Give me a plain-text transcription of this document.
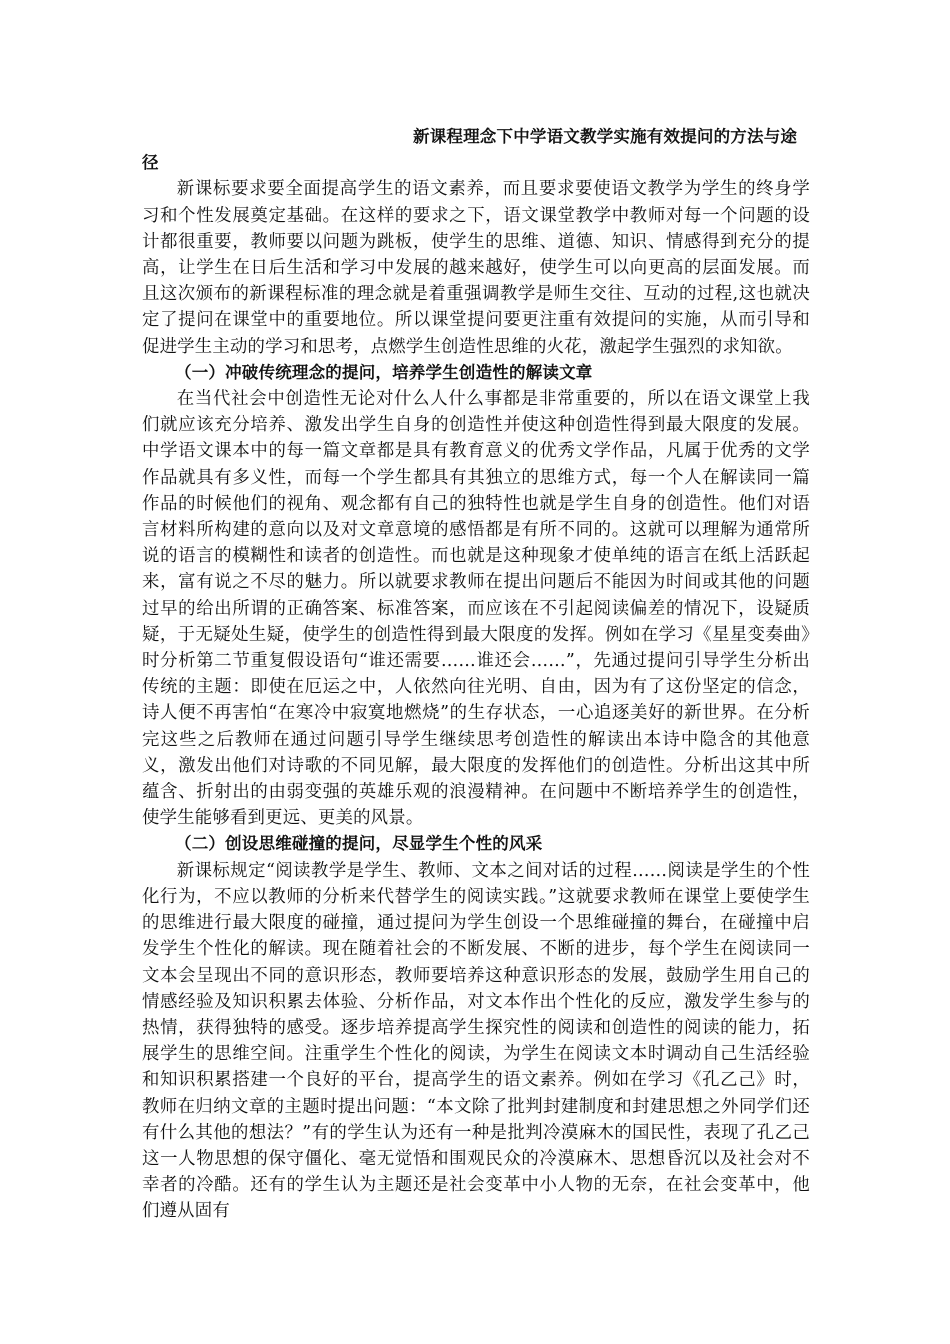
新课程理念下中学语文教学实施有效提问的方法与途径

新课标要求要全面提高学生的语文素养，而且要求要使语文教学为学生的终身学习和个性发展奠定基础。在这样的要求之下，语文课堂教学中教师对每一个问题的设计都很重要，教师要以问题为跳板，使学生的思维、道德、知识、情感得到充分的提高，让学生在日后生活和学习中发展的越来越好，使学生可以向更高的层面发展。而且这次颁布的新课程标准的理念就是着重强调教学是师生交往、互动的过程,这也就决定了提问在课堂中的重要地位。所以课堂提问要更注重有效提问的实施，从而引导和促进学生主动的学习和思考，点燃学生创造性思维的火花，激起学生强烈的求知欲。

（一）冲破传统理念的提问，培养学生创造性的解读文章

在当代社会中创造性无论对什么人什么事都是非常重要的，所以在语文课堂上我们就应该充分培养、激发出学生自身的创造性并使这种创造性得到最大限度的发展。中学语文课本中的每一篇文章都是具有教育意义的优秀文学作品，凡属于优秀的文学作品就具有多义性，而每一个学生都具有其独立的思维方式，每一个人在解读同一篇作品的时候他们的视角、观念都有自己的独特性也就是学生自身的创造性。他们对语言材料所构建的意向以及对文章意境的感悟都是有所不同的。这就可以理解为通常所说的语言的模糊性和读者的创造性。而也就是这种现象才使单纯的语言在纸上活跃起来，富有说之不尽的魅力。所以就要求教师在提出问题后不能因为时间或其他的问题过早的给出所谓的正确答案、标准答案，而应该在不引起阅读偏差的情况下，设疑质疑，于无疑处生疑，使学生的创造性得到最大限度的发挥。例如在学习《星星变奏曲》时分析第二节重复假设语句“谁还需要……谁还会……”，先通过提问引导学生分析出传统的主题：即使在厄运之中，人依然向往光明、自由，因为有了这份坚定的信念，诗人便不再害怕“在寒冷中寂寞地燃烧”的生存状态，一心追逐美好的新世界。在分析完这些之后教师在通过问题引导学生继续思考创造性的解读出本诗中隐含的其他意义，激发出他们对诗歌的不同见解，最大限度的发挥他们的创造性。分析出这其中所蕴含、折射出的由弱变强的英雄乐观的浪漫精神。在问题中不断培养学生的创造性，使学生能够看到更远、更美的风景。

（二）创设思维碰撞的提问，尽显学生个性的风采

新课标规定“阅读教学是学生、教师、文本之间对话的过程……阅读是学生的个性化行为，不应以教师的分析来代替学生的阅读实践。”这就要求教师在课堂上要使学生的思维进行最大限度的碰撞，通过提问为学生创设一个思维碰撞的舞台，在碰撞中启发学生个性化的解读。现在随着社会的不断发展、不断的进步，每个学生在阅读同一文本会呈现出不同的意识形态，教师要培养这种意识形态的发展，鼓励学生用自己的情感经验及知识积累去体验、分析作品，对文本作出个性化的反应，激发学生参与的热情，获得独特的感受。逐步培养提高学生探究性的阅读和创造性的阅读的能力，拓展学生的思维空间。注重学生个性化的阅读，为学生在阅读文本时调动自己生活经验和知识积累搭建一个良好的平台，提高学生的语文素养。例如在学习《孔乙己》时，教师在归纳文章的主题时提出问题：“本文除了批判封建制度和封建思想之外同学们还有什么其他的想法？”有的学生认为还有一种是批判冷漠麻木的国民性，表现了孔乙己这一人物思想的保守僵化、毫无觉悟和围观民众的冷漠麻木、思想昏沉以及社会对不幸者的冷酷。还有的学生认为主题还是社会变革中小人物的无奈，在社会变革中，他们遵从固有
